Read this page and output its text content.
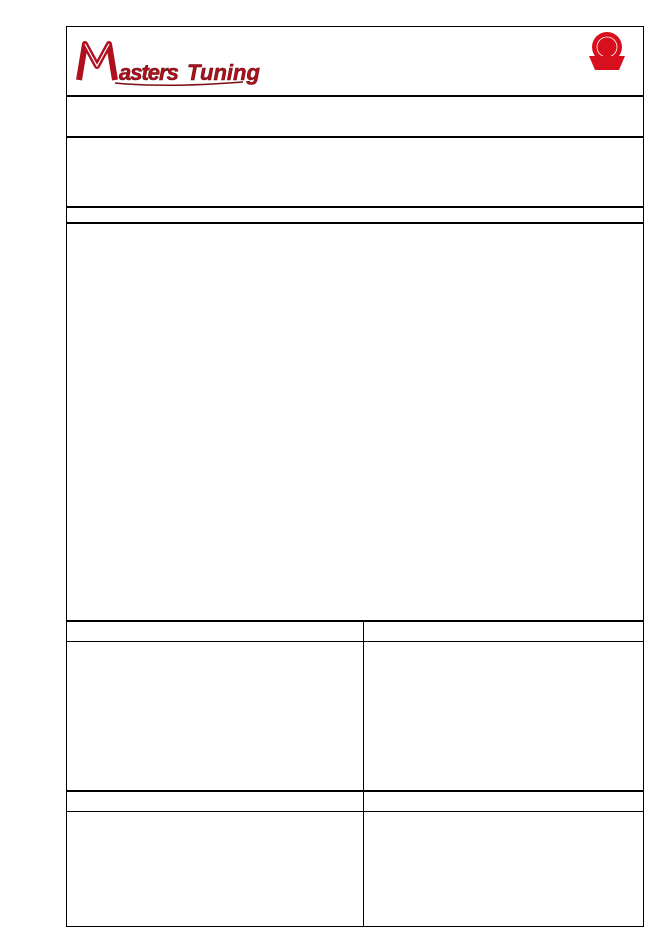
asters Tuning
